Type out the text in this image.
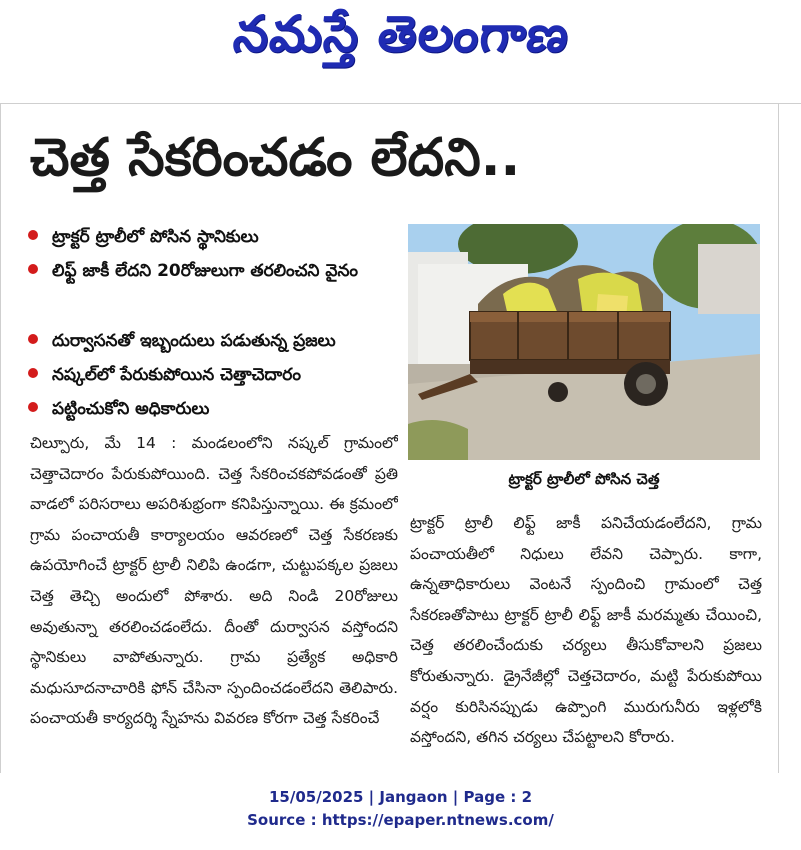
నమస్తే తెలంగాణ
చెత్త సేకరించడం లేదని..
ట్రాక్టర్ ట్రాలీలో పోసిన స్థానికులు
లిఫ్ట్ జాకీ లేదని 20రోజులుగా తరలించని వైనం
దుర్వాసనతో ఇబ్బందులు పడుతున్న ప్రజలు
నష్కల్‌లో పేరుకుపోయిన చెత్తాచెదారం
పట్టించుకోని అధికారులు
ట్రాక్టర్ ట్రాలీలో పోసిన చెత్త
చిల్పూరు, మే 14 : మండలంలోని నష్కల్ గ్రామంలో చెత్తాచెదారం పేరుకుపోయింది. చెత్త సేకరించకపోవడంతో ప్రతి వాడలో పరిసరాలు అపరిశుభ్రంగా కనిపిస్తున్నాయి. ఈ క్రమంలో గ్రామ పంచాయతీ కార్యాలయం ఆవరణలో చెత్త సేకరణకు ఉపయోగించే ట్రాక్టర్ ట్రాలీ నిలిపి ఉండగా, చుట్టుపక్కల ప్రజలు చెత్త తెచ్చి అందులో పోశారు. అది నిండి 20రోజులు అవుతున్నా తరలించడంలేదు. దీంతో దుర్వాసన వస్తోందని స్థానికులు వాపోతున్నారు. గ్రామ ప్రత్యేక అధికారి మధుసూదనాచారికి ఫోన్ చేసినా స్పందించడంలేదని తెలిపారు. పంచాయతీ కార్యదర్శి స్నేహను వివరణ కోరగా చెత్త సేకరించే
ట్రాక్టర్ ట్రాలీ లిఫ్ట్ జాకీ పనిచేయడంలేదని, గ్రామ పంచాయతీలో నిధులు లేవని చెప్పారు. కాగా, ఉన్నతాధికారులు వెంటనే స్పందించి గ్రామంలో చెత్త సేకరణతోపాటు ట్రాక్టర్ ట్రాలీ లిఫ్ట్ జాకీ మరమ్మతు చేయించి, చెత్త తరలించేందుకు చర్యలు తీసుకోవాలని ప్రజలు కోరుతున్నారు. డ్రైనేజీల్లో చెత్తచెదారం, మట్టి పేరుకుపోయి వర్షం కురిసినప్పుడు ఉప్పొంగి మురుగునీరు ఇళ్లలోకి వస్తోందని, తగిన చర్యలు చేపట్టాలని కోరారు.
15/05/2025 | Jangaon | Page : 2
Source : https://epaper.ntnews.com/
